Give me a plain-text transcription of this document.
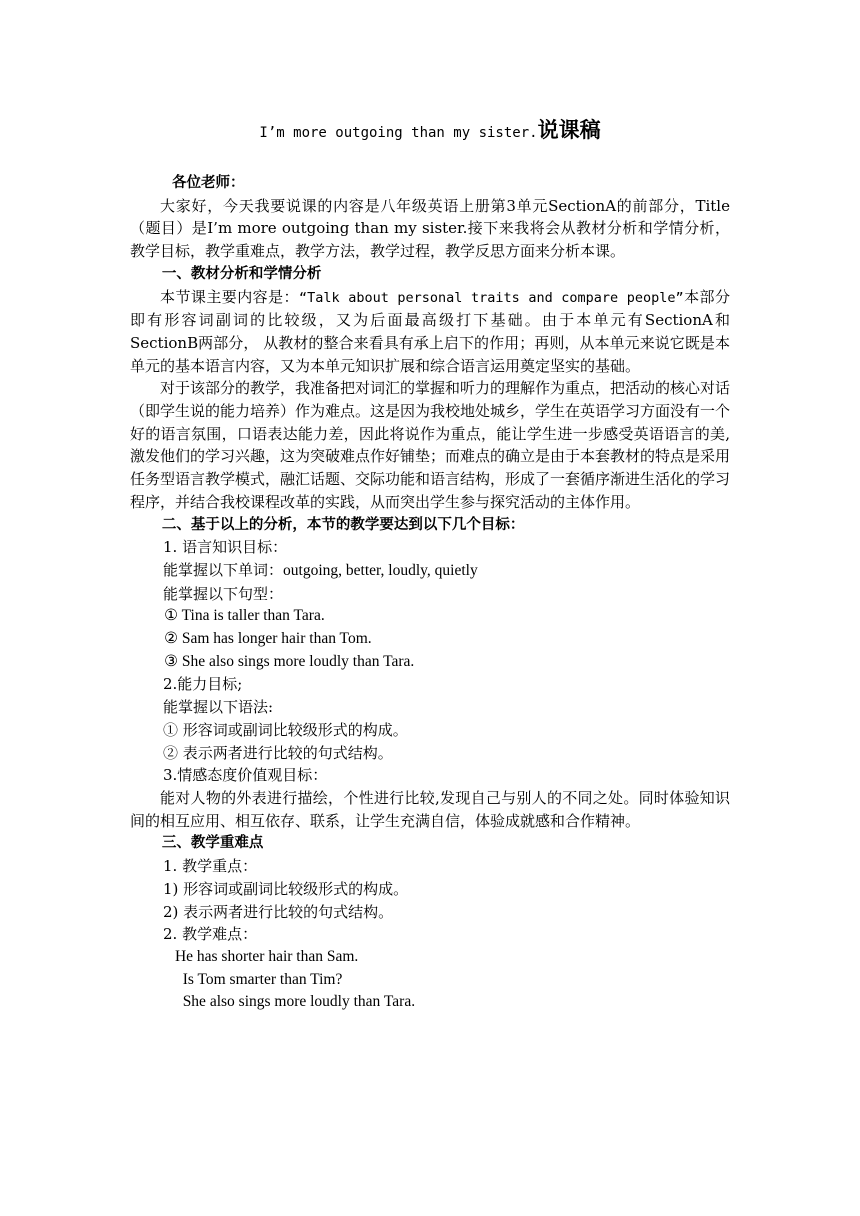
I’m more outgoing than my sister.说课稿

各位老师：

大家好，今天我要说课的内容是八年级英语上册第3单元SectionA的前部分，Title（题目）是I’m more outgoing than my sister.接下来我将会从教材分析和学情分析，教学目标，教学重难点，教学方法，教学过程，教学反思方面来分析本课。

一、教材分析和学情分析

本节课主要内容是：“Talk about personal traits and compare people”本部分即有形容词副词的比较级，又为后面最高级打下基础。由于本单元有SectionA和SectionB两部分， 从教材的整合来看具有承上启下的作用；再则，从本单元来说它既是本单元的基本语言内容，又为本单元知识扩展和综合语言运用奠定坚实的基础。

对于该部分的教学，我准备把对词汇的掌握和听力的理解作为重点，把活动的核心对话（即学生说的能力培养）作为难点。这是因为我校地处城乡，学生在英语学习方面没有一个好的语言氛围，口语表达能力差，因此将说作为重点，能让学生进一步感受英语语言的美,激发他们的学习兴趣，这为突破难点作好铺垫；而难点的确立是由于本套教材的特点是采用任务型语言教学模式，融汇话题、交际功能和语言结构，形成了一套循序渐进生活化的学习程序，并结合我校课程改革的实践，从而突出学生参与探究活动的主体作用。

二、基于以上的分析，本节的教学要达到以下几个目标：

1. 语言知识目标：

能掌握以下单词：outgoing, better, loudly, quietly

能掌握以下句型：

① Tina is taller than Tara.

② Sam has longer hair than Tom.

③ She also sings more loudly than Tara.

2.能力目标;

能掌握以下语法:

① 形容词或副词比较级形式的构成。

② 表示两者进行比较的句式结构。

3.情感态度价值观目标：

能对人物的外表进行描绘，个性进行比较,发现自己与别人的不同之处。同时体验知识间的相互应用、相互依存、联系，让学生充满自信，体验成就感和合作精神。

三、教学重难点

1. 教学重点：

1) 形容词或副词比较级形式的构成。

2) 表示两者进行比较的句式结构。

2. 教学难点：

He has shorter hair than Sam.

Is Tom smarter than Tim?

She also sings more loudly than Tara.
